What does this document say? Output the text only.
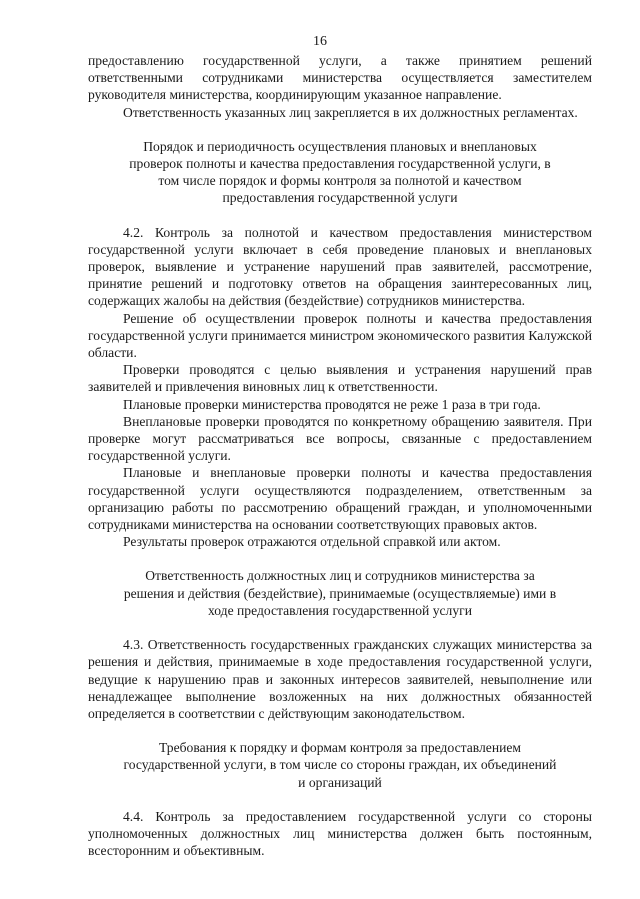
16

предоставлению государственной услуги, а также принятием решений ответственными сотрудниками министерства осуществляется заместителем руководителя министерства, координирующим указанное направление.

Ответственность указанных лиц закрепляется в их должностных регламентах.

Порядок и периодичность осуществления плановых и внеплановых

проверок полноты и качества предоставления государственной услуги, в

том числе порядок и формы контроля за полнотой и качеством

предоставления государственной услуги

4.2. Контроль за полнотой и качеством предоставления министерством государственной услуги включает в себя проведение плановых и внеплановых проверок, выявление и устранение нарушений прав заявителей, рассмотрение, принятие решений и подготовку ответов на обращения заинтересованных лиц, содержащих жалобы на действия (бездействие) сотрудников министерства.

Решение об осуществлении проверок полноты и качества предоставления государственной услуги принимается министром экономического развития Калужской области.

Проверки проводятся с целью выявления и устранения нарушений прав заявителей и привлечения виновных лиц к ответственности.

Плановые проверки министерства проводятся не реже 1 раза в три года.

Внеплановые проверки проводятся по конкретному обращению заявителя. При проверке могут рассматриваться все вопросы, связанные с предоставлением государственной услуги.

Плановые и внеплановые проверки полноты и качества предоставления государственной услуги осуществляются подразделением, ответственным за организацию работы по рассмотрению обращений граждан, и уполномоченными сотрудниками министерства на основании соответствующих правовых актов.

Результаты проверок отражаются отдельной справкой или актом.

Ответственность должностных лиц и сотрудников министерства за

решения и действия (бездействие), принимаемые (осуществляемые) ими в

ходе предоставления государственной услуги

4.3. Ответственность государственных гражданских служащих министерства за решения и действия, принимаемые в ходе предоставления государственной услуги, ведущие к нарушению прав и законных интересов заявителей, невыполнение или ненадлежащее выполнение возложенных на них должностных обязанностей определяется в соответствии с действующим законодательством.

Требования к порядку и формам контроля за предоставлением

государственной услуги, в том числе со стороны граждан, их объединений

и организаций

4.4. Контроль за предоставлением государственной услуги со стороны уполномоченных должностных лиц министерства должен быть постоянным, всесторонним и объективным.
